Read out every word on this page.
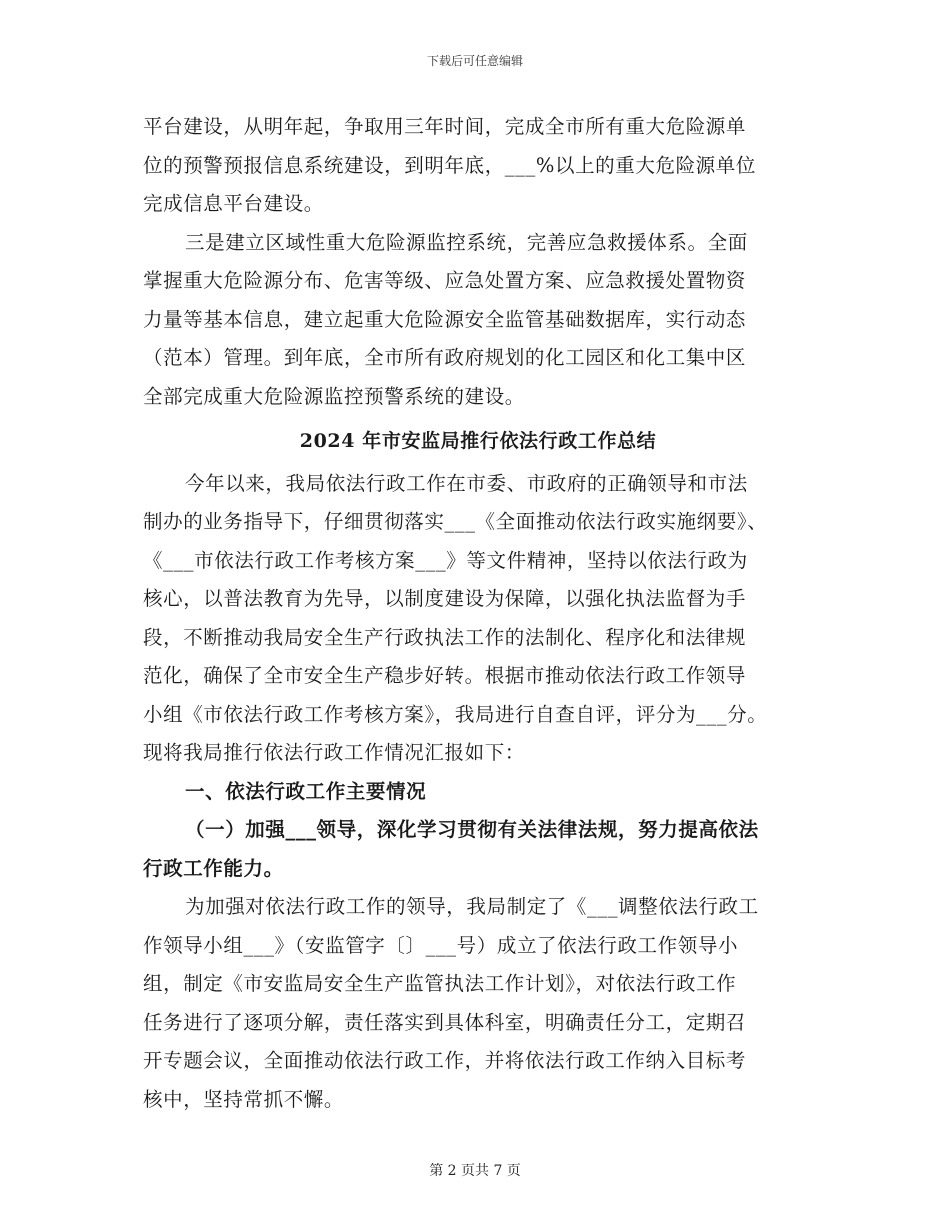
下载后可任意编辑
平台建设，从明年起，争取用三年时间，完成全市所有重大危险源单
位的预警预报信息系统建设，到明年底，___%以上的重大危险源单位
完成信息平台建设。
三是建立区域性重大危险源监控系统，完善应急救援体系。全面
掌握重大危险源分布、危害等级、应急处置方案、应急救援处置物资
力量等基本信息，建立起重大危险源安全监管基础数据库，实行动态
（范本）管理。到年底，全市所有政府规划的化工园区和化工集中区
全部完成重大危险源监控预警系统的建设。
2024 年市安监局推行依法行政工作总结
今年以来，我局依法行政工作在市委、市政府的正确领导和市法
制办的业务指导下，仔细贯彻落实___《全面推动依法行政实施纲要》、
《___市依法行政工作考核方案___》等文件精神，坚持以依法行政为
核心，以普法教育为先导，以制度建设为保障，以强化执法监督为手
段，不断推动我局安全生产行政执法工作的法制化、程序化和法律规
范化，确保了全市安全生产稳步好转。根据市推动依法行政工作领导
小组《市依法行政工作考核方案》，我局进行自查自评，评分为___分。
现将我局推行依法行政工作情况汇报如下：
一、依法行政工作主要情况
（一）加强___领导，深化学习贯彻有关法律法规，努力提高依法
行政工作能力。
为加强对依法行政工作的领导，我局制定了《___调整依法行政工
作领导小组___》（安监管字〔〕___号）成立了依法行政工作领导小
组，制定《市安监局安全生产监管执法工作计划》，对依法行政工作
任务进行了逐项分解，责任落实到具体科室，明确责任分工，定期召
开专题会议，全面推动依法行政工作，并将依法行政工作纳入目标考
核中，坚持常抓不懈。
第 2 页共 7 页
